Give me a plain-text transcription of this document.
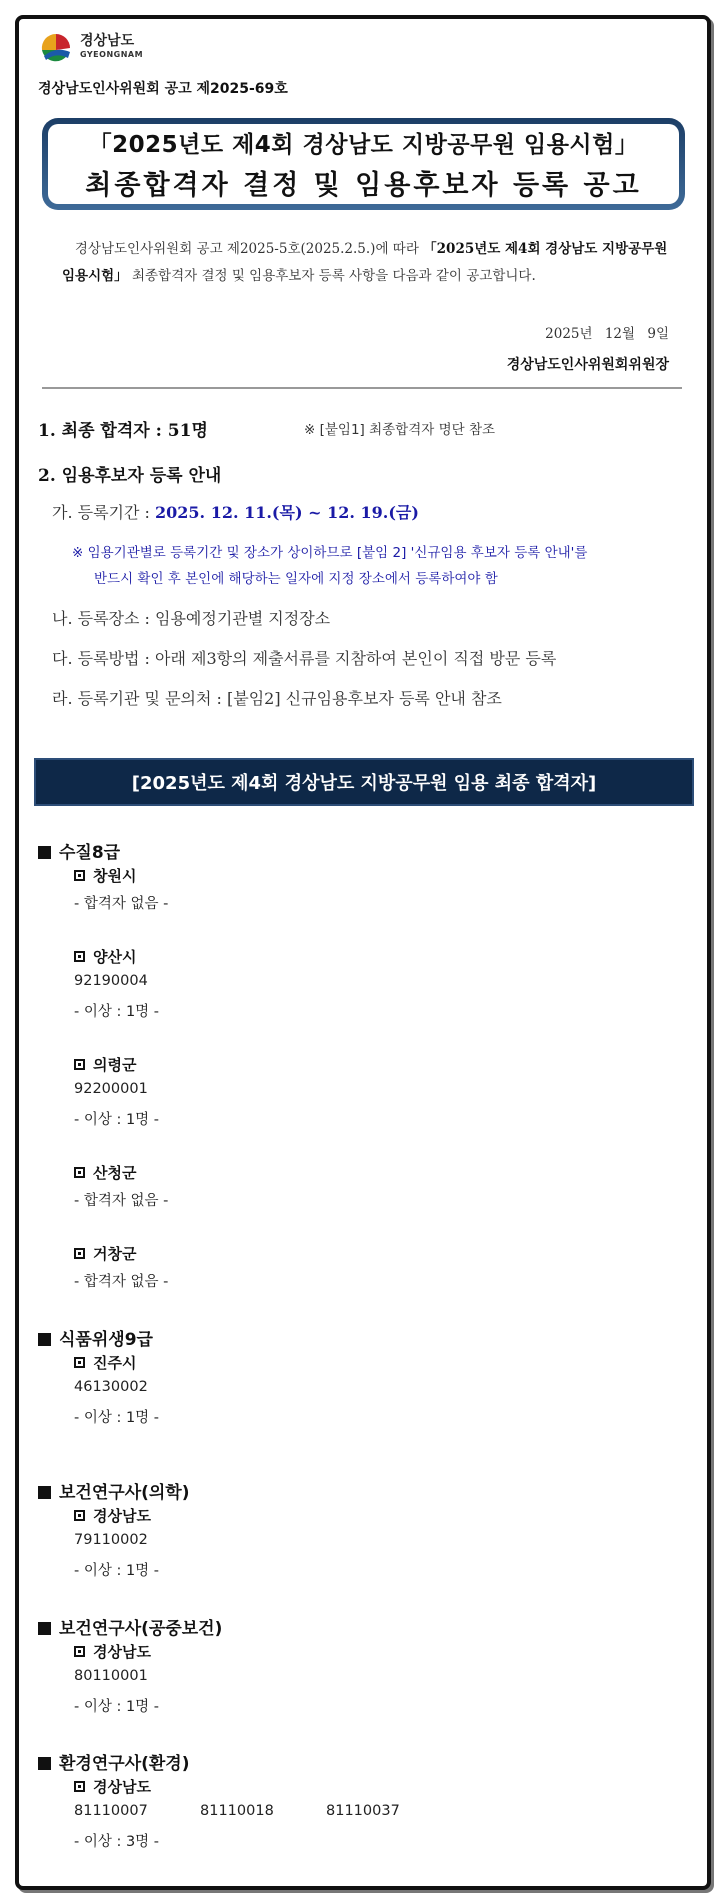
경상남도
GYEONGNAM
경상남도인사위원회 공고 제2025-69호
「2025년도 제4회 경상남도 지방공무원 임용시험」
최종합격자 결정 및 임용후보자 등록 공고
경상남도인사위원회 공고 제2025-5호(2025.2.5.)에 따라 「2025년도 제4회 경상남도 지방공무원 임용시험」 최종합격자 결정 및 임용후보자 등록 사항을 다음과 같이 공고합니다.
2025년 12월 9일
경상남도인사위원회위원장
1. 최종 합격자 : 51명	※ [붙임1] 최종합격자 명단 참조
2. 임용후보자 등록 안내
가. 등록기간 : 2025. 12. 11.(목) ~ 12. 19.(금)
※ 임용기관별로 등록기간 및 장소가 상이하므로 [붙임 2] '신규임용 후보자 등록 안내'를
반드시 확인 후 본인에 해당하는 일자에 지정 장소에서 등록하여야 함
나. 등록장소 : 임용예정기관별 지정장소
다. 등록방법 : 아래 제3항의 제출서류를 지참하여 본인이 직접 방문 등록
라. 등록기관 및 문의처 : [붙임2] 신규임용후보자 등록 안내 참조
[2025년도 제4회 경상남도 지방공무원 임용 최종 합격자]
수질8급
창원시
- 합격자 없음 -
양산시
92190004
- 이상 : 1명 -
의령군
92200001
- 이상 : 1명 -
산청군
- 합격자 없음 -
거창군
- 합격자 없음 -
식품위생9급
진주시
46130002
- 이상 : 1명 -
보건연구사(의학)
경상남도
79110002
- 이상 : 1명 -
보건연구사(공중보건)
경상남도
80110001
- 이상 : 1명 -
환경연구사(환경)
경상남도
81110007	81110018	81110037
- 이상 : 3명 -
